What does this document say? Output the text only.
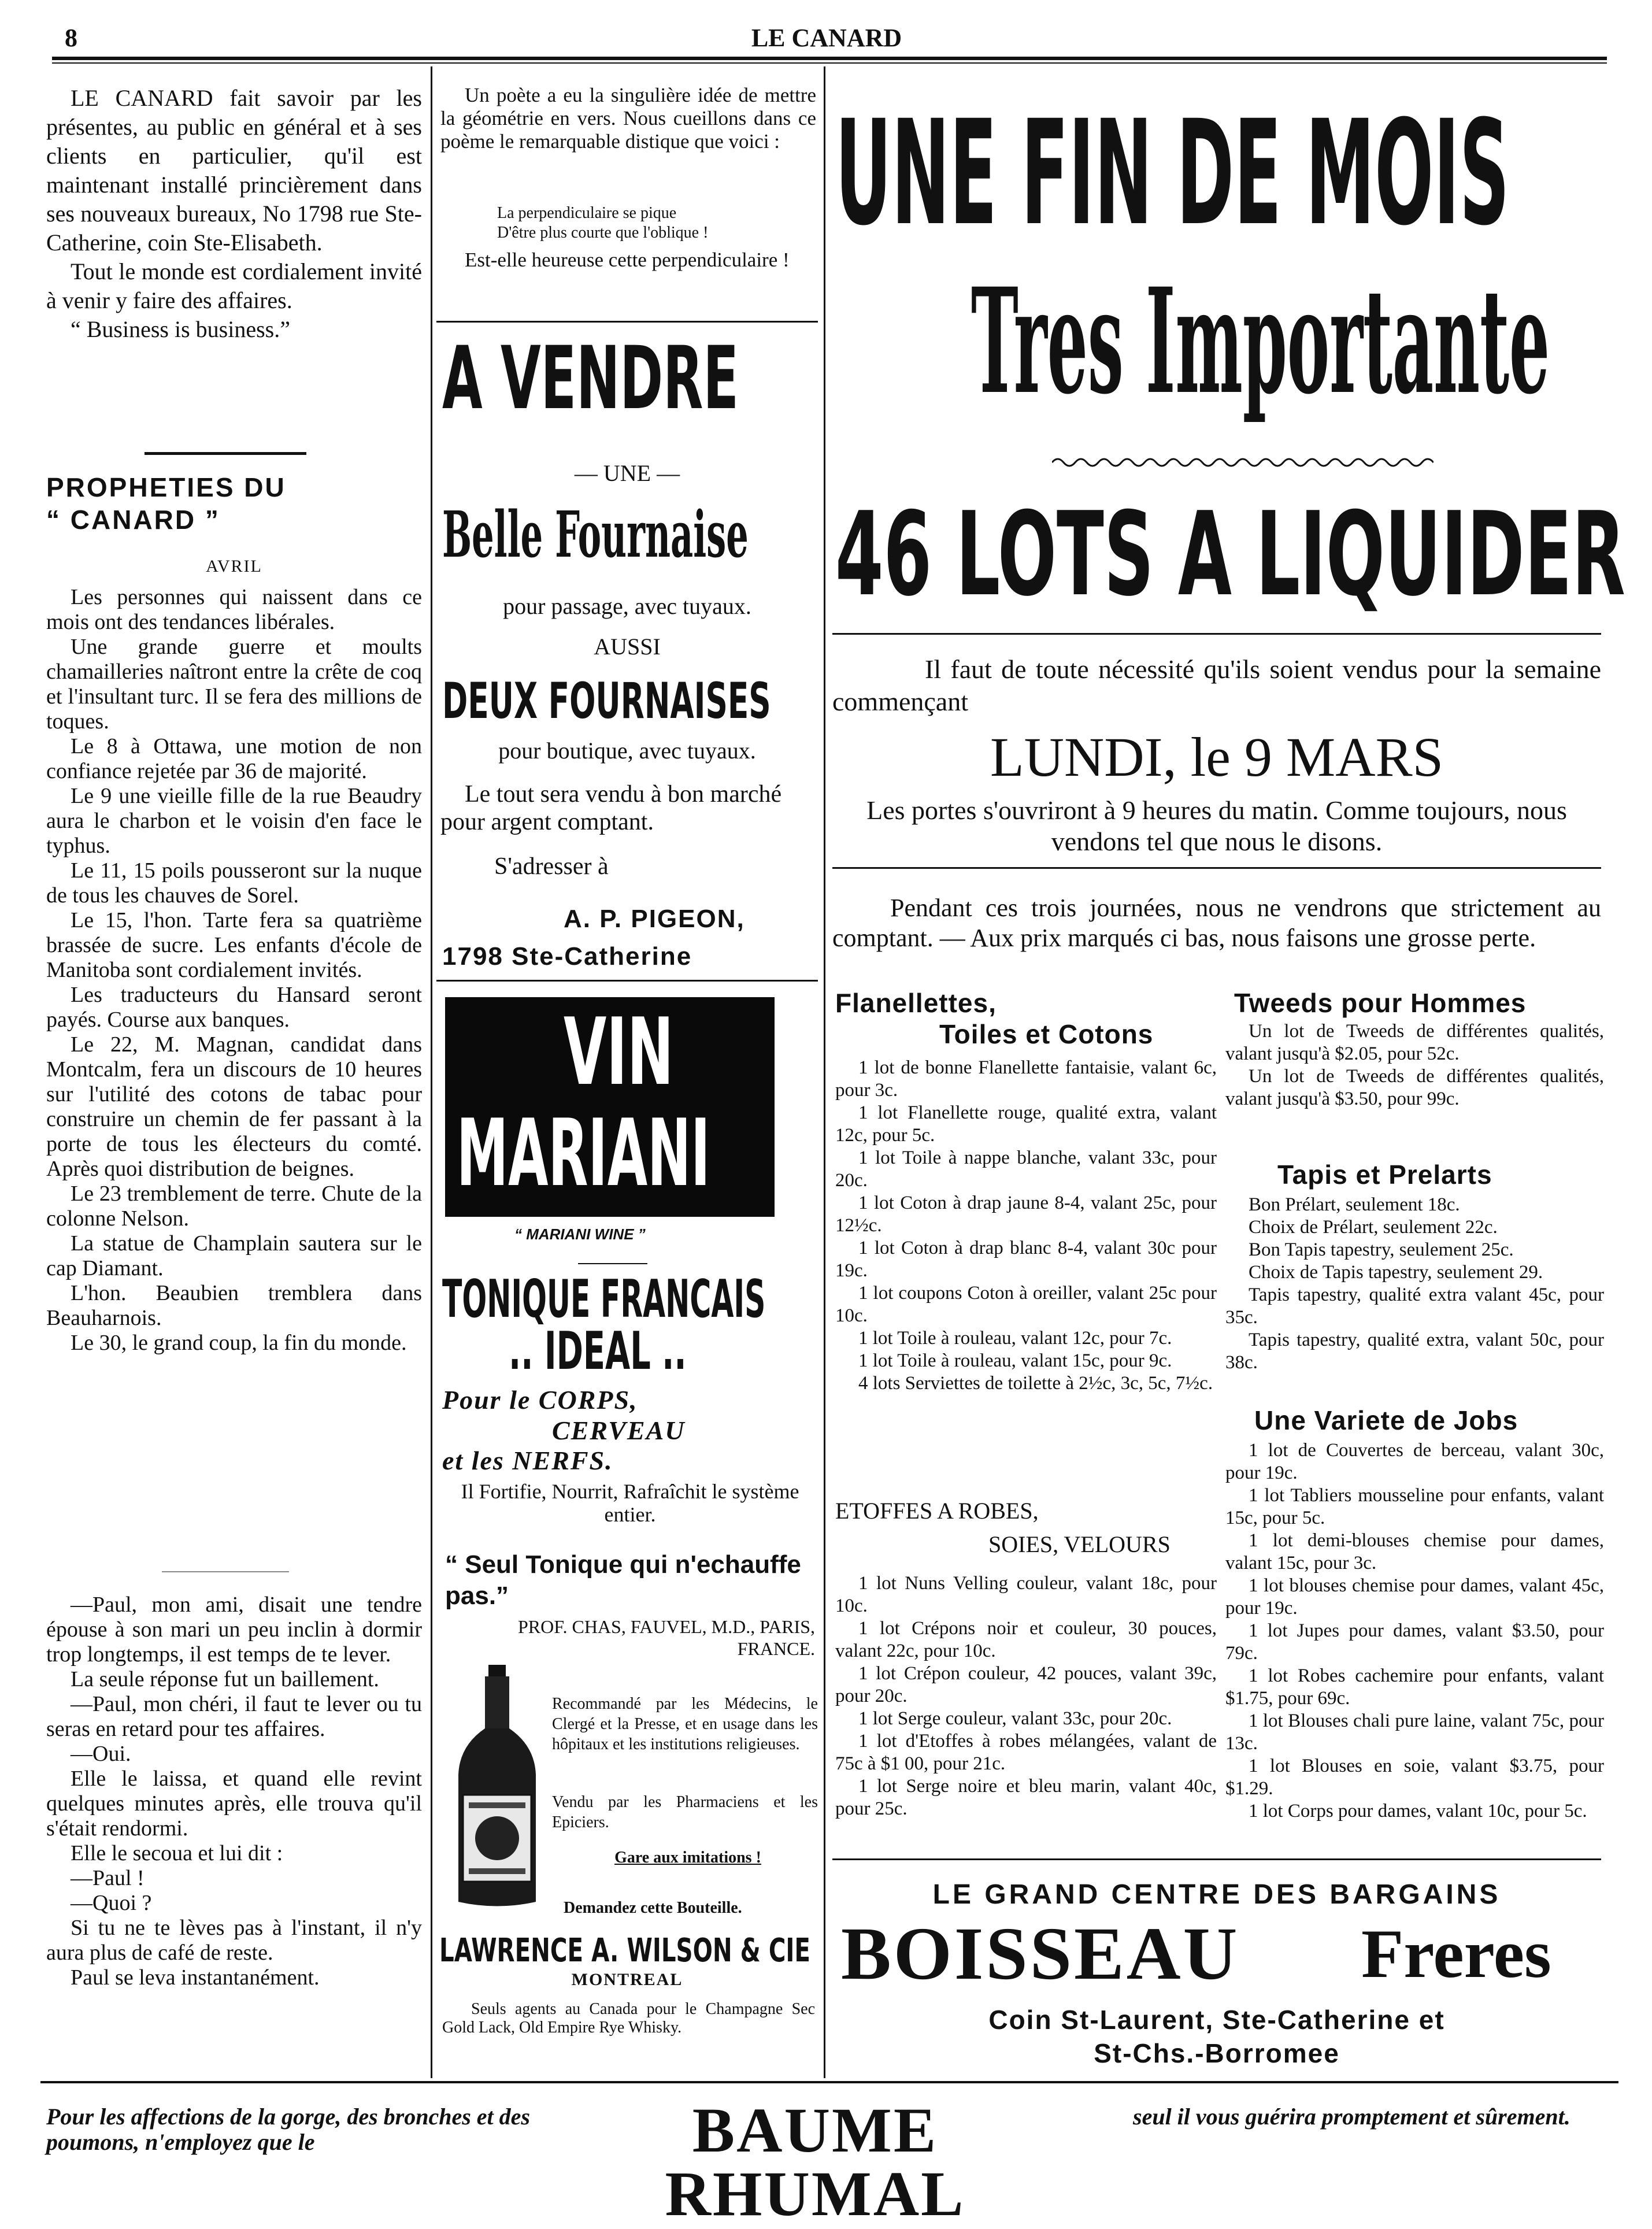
8	LE CANARD

LE CANARD fait savoir par les présentes, au public en général et à ses clients en particulier, qu'il est maintenant installé princièrement dans ses nouveaux bureaux, No 1798 rue Ste-Catherine, coin Ste-Elisabeth.

Tout le monde est cordialement invité à venir y faire des affaires.

“ Business is business.”

PROPHETIES DU
“ CANARD ”
AVRIL

Les personnes qui naissent dans ce mois ont des tendances libérales.

Une grande guerre et moults chamailleries naîtront entre la crête de coq et l'insultant turc. Il se fera des millions de toques.

Le 8 à Ottawa, une motion de non confiance rejetée par 36 de majorité.

Le 9 une vieille fille de la rue Beaudry aura le charbon et le voisin d'en face le typhus.

Le 11, 15 poils pousseront sur la nuque de tous les chauves de Sorel.

Le 15, l'hon. Tarte fera sa quatrième brassée de sucre. Les enfants d'école de Manitoba sont cordialement invités.

Les traducteurs du Hansard seront payés. Course aux banques.

Le 22, M. Magnan, candidat dans Montcalm, fera un discours de 10 heures sur l'utilité des cotons de tabac pour construire un chemin de fer passant à la porte de tous les électeurs du comté. Après quoi distribution de beignes.

Le 23 tremblement de terre. Chute de la colonne Nelson.

La statue de Champlain sautera sur le cap Diamant.

L'hon. Beaubien tremblera dans Beauharnois.

Le 30, le grand coup, la fin du monde.

—Paul, mon ami, disait une tendre épouse à son mari un peu inclin à dormir trop longtemps, il est temps de te lever.

La seule réponse fut un baillement.

—Paul, mon chéri, il faut te lever ou tu seras en retard pour tes affaires.

—Oui.

Elle le laissa, et quand elle revint quelques minutes après, elle trouva qu'il s'était rendormi.

Elle le secoua et lui dit :

—Paul !

—Quoi ?

Si tu ne te lèves pas à l'instant, il n'y aura plus de café de reste.

Paul se leva instantanément.

Un poète a eu la singulière idée de mettre la géométrie en vers. Nous cueillons dans ce poème le remarquable distique que voici :

La perpendiculaire se pique
D'être plus courte que l'oblique !

Est-elle heureuse cette perpendiculaire !

A VENDRE
— UNE —
Belle Fournaise
pour passage, avec tuyaux.
AUSSI
DEUX FOURNAISES
pour boutique, avec tuyaux.

Le tout sera vendu à bon marché pour argent comptant.

S'adresser à
A. P. PIGEON,
1798 Ste-Catherine
VIN
MARIANI
“ MARIANI WINE ”
TONIQUE FRANCAIS
.. IDEAL ..
Pour le CORPS,
CERVEAU
et les NERFS.
Il Fortifie, Nourrit, Rafraîchit le système entier.
“ Seul Tonique qui n'echauffe pas.”
PROF. CHAS, FAUVEL, M.D., PARIS, FRANCE.

Recommandé par les Médecins, le Clergé et la Presse, et en usage dans les hôpitaux et les institutions religieuses.

Vendu par les Pharmaciens et les Epiciers.

Gare aux imitations !
Demandez cette Bouteille.
LAWRENCE A. WILSON & CIE
MONTREAL

Seuls agents au Canada pour le Champagne Sec Gold Lack, Old Empire Rye Whisky.

UNE FIN DE MOIS
Tres Importante
46 LOTS A LIQUIDER

Il faut de toute nécessité qu'ils soient vendus pour la semaine commençant

LUNDI, le 9 MARS
Les portes s'ouvriront à 9 heures du matin. Comme toujours, nous vendons tel que nous le disons.

Pendant ces trois journées, nous ne vendrons que strictement au comptant. — Aux prix marqués ci bas, nous faisons une grosse perte.

Flanellettes,
Toiles et Cotons

1 lot de bonne Flanellette fantaisie, valant 6c, pour 3c.

1 lot Flanellette rouge, qualité extra, valant 12c, pour 5c.

1 lot Toile à nappe blanche, valant 33c, pour 20c.

1 lot Coton à drap jaune 8-4, valant 25c, pour 12½c.

1 lot Coton à drap blanc 8-4, valant 30c pour 19c.

1 lot coupons Coton à oreiller, valant 25c pour 10c.

1 lot Toile à rouleau, valant 12c, pour 7c.

1 lot Toile à rouleau, valant 15c, pour 9c.

4 lots Serviettes de toilette à 2½c, 3c, 5c, 7½c.

ETOFFES A ROBES,
SOIES, VELOURS

1 lot Nuns Velling couleur, valant 18c, pour 10c.

1 lot Crépons noir et couleur, 30 pouces, valant 22c, pour 10c.

1 lot Crépon couleur, 42 pouces, valant 39c, pour 20c.

1 lot Serge couleur, valant 33c, pour 20c.

1 lot d'Etoffes à robes mélangées, valant de 75c à $1 00, pour 21c.

1 lot Serge noire et bleu marin, valant 40c, pour 25c.

Tweeds pour Hommes

Un lot de Tweeds de différentes qualités, valant jusqu'à $2.05, pour 52c.

Un lot de Tweeds de différentes qualités, valant jusqu'à $3.50, pour 99c.

Tapis et Prelarts

Bon Prélart, seulement 18c.

Choix de Prélart, seulement 22c.

Bon Tapis tapestry, seulement 25c.

Choix de Tapis tapestry, seulement 29.

Tapis tapestry, qualité extra valant 45c, pour 35c.

Tapis tapestry, qualité extra, valant 50c, pour 38c.

Une Variete de Jobs

1 lot de Couvertes de berceau, valant 30c, pour 19c.

1 lot Tabliers mousseline pour enfants, valant 15c, pour 5c.

1 lot demi-blouses chemise pour dames, valant 15c, pour 3c.

1 lot blouses chemise pour dames, valant 45c, pour 19c.

1 lot Jupes pour dames, valant $3.50, pour 79c.

1 lot Robes cachemire pour enfants, valant $1.75, pour 69c.

1 lot Blouses chali pure laine, valant 75c, pour 13c.

1 lot Blouses en soie, valant $3.75, pour $1.29.

1 lot Corps pour dames, valant 10c, pour 5c.

LE GRAND CENTRE DES BARGAINS
BOISSEAU Freres
Coin St-Laurent, Ste-Catherine et
St-Chs.-Borromee
Pour les affections de la gorge, des bronches et des poumons, n'employez que le	BAUME RHUMAL
seul il vous guérira promptement et sûrement.
